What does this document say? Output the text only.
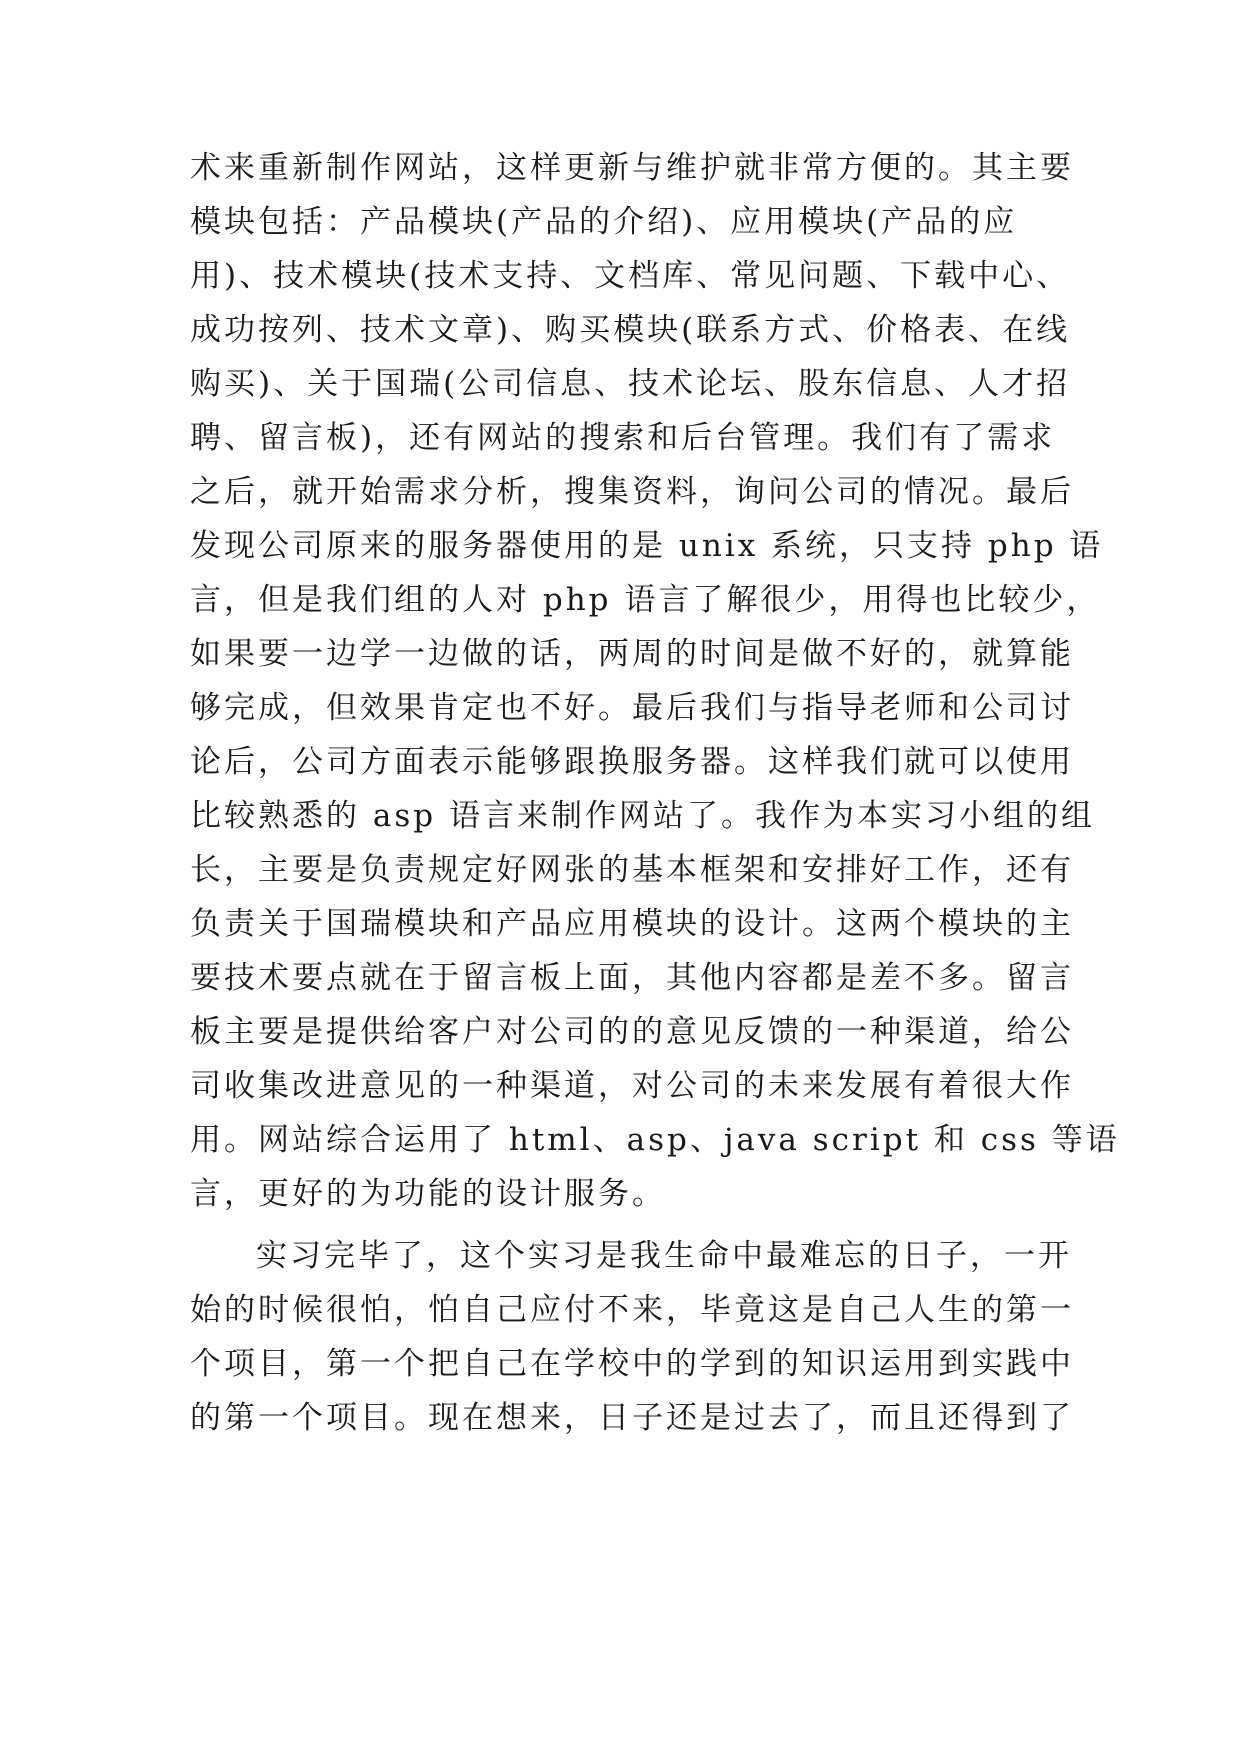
术来重新制作网站，这样更新与维护就非常方便的。其主要
模块包括：产品模块(产品的介绍)、应用模块(产品的应
用)、技术模块(技术支持、文档库、常见问题、下载中心、
成功按列、技术文章)、购买模块(联系方式、价格表、在线
购买)、关于国瑞(公司信息、技术论坛、股东信息、人才招
聘、留言板)，还有网站的搜索和后台管理。我们有了需求
之后，就开始需求分析，搜集资料，询问公司的情况。最后
发现公司原来的服务器使用的是 unix 系统，只支持 php 语
言，但是我们组的人对 php 语言了解很少，用得也比较少，
如果要一边学一边做的话，两周的时间是做不好的，就算能
够完成，但效果肯定也不好。最后我们与指导老师和公司讨
论后，公司方面表示能够跟换服务器。这样我们就可以使用
比较熟悉的 asp 语言来制作网站了。我作为本实习小组的组
长，主要是负责规定好网张的基本框架和安排好工作，还有
负责关于国瑞模块和产品应用模块的设计。这两个模块的主
要技术要点就在于留言板上面，其他内容都是差不多。留言
板主要是提供给客户对公司的的意见反馈的一种渠道，给公
司收集改进意见的一种渠道，对公司的未来发展有着很大作
用。网站综合运用了 html、asp、java script 和 css 等语
言，更好的为功能的设计服务。
实习完毕了，这个实习是我生命中最难忘的日子，一开
始的时候很怕，怕自己应付不来，毕竟这是自己人生的第一
个项目，第一个把自己在学校中的学到的知识运用到实践中
的第一个项目。现在想来，日子还是过去了，而且还得到了
